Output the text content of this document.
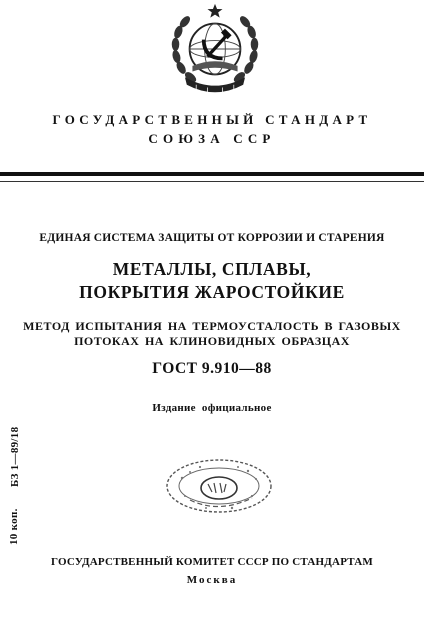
ГОСУДАРСТВЕННЫЙ СТАНДАРТ
СОЮЗА ССР
ЕДИНАЯ СИСТЕМА ЗАЩИТЫ ОТ КОРРОЗИИ И СТАРЕНИЯ
МЕТАЛЛЫ, СПЛАВЫ,
ПОКРЫТИЯ ЖАРОСТОЙКИЕ
МЕТОД ИСПЫТАНИЯ НА ТЕРМОУСТАЛОСТЬ В ГАЗОВЫХ
ПОТОКАХ НА КЛИНОВИДНЫХ ОБРАЗЦАХ
ГОСТ 9.910—88
Издание официальное
10 коп.
БЗ 1—89/18
ГОСУДАРСТВЕННЫЙ КОМИТЕТ СССР ПО СТАНДАРТАМ
Москва
